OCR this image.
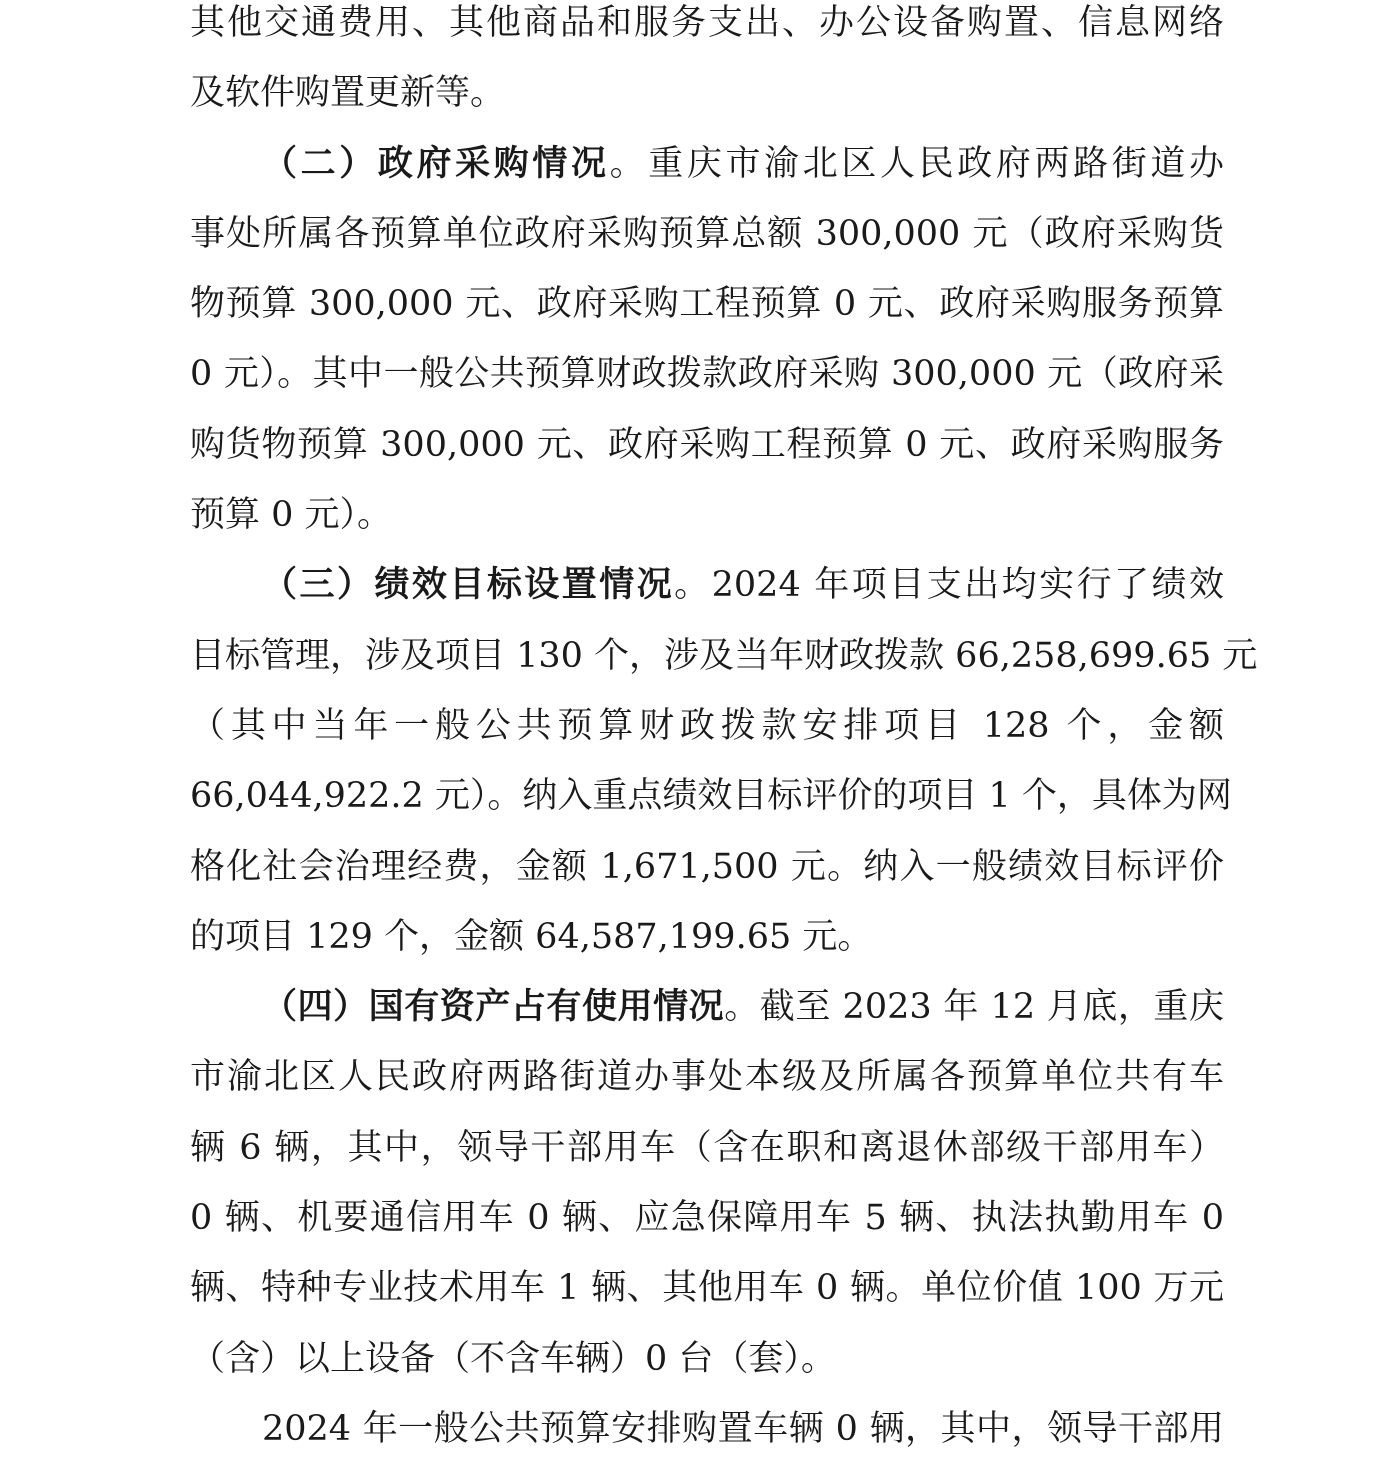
其他交通费用、其他商品和服务支出、办公设备购置、信息网络
及软件购置更新等。
（二）政府采购情况。重庆市渝北区人民政府两路街道办
事处所属各预算单位政府采购预算总额 300,000 元（政府采购货
物预算 300,000 元、政府采购工程预算 0 元、政府采购服务预算
0 元）。其中一般公共预算财政拨款政府采购 300,000 元（政府采
购货物预算 300,000 元、政府采购工程预算 0 元、政府采购服务
预算 0 元）。
（三）绩效目标设置情况。2024 年项目支出均实行了绩效
目标管理，涉及项目 130 个，涉及当年财政拨款 66,258,699.65 元
（其中当年一般公共预算财政拨款安排项目 128 个，金额
66,044,922.2 元）。纳入重点绩效目标评价的项目 1 个，具体为网
格化社会治理经费，金额 1,671,500 元。纳入一般绩效目标评价
的项目 129 个，金额 64,587,199.65 元。
（四）国有资产占有使用情况。截至 2023 年 12 月底，重庆
市渝北区人民政府两路街道办事处本级及所属各预算单位共有车
辆 6 辆，其中，领导干部用车（含在职和离退休部级干部用车）
0 辆、机要通信用车 0 辆、应急保障用车 5 辆、执法执勤用车 0
辆、特种专业技术用车 1 辆、其他用车 0 辆。单位价值 100 万元
（含）以上设备（不含车辆）0 台（套）。
2024 年一般公共预算安排购置车辆 0 辆，其中，领导干部用
